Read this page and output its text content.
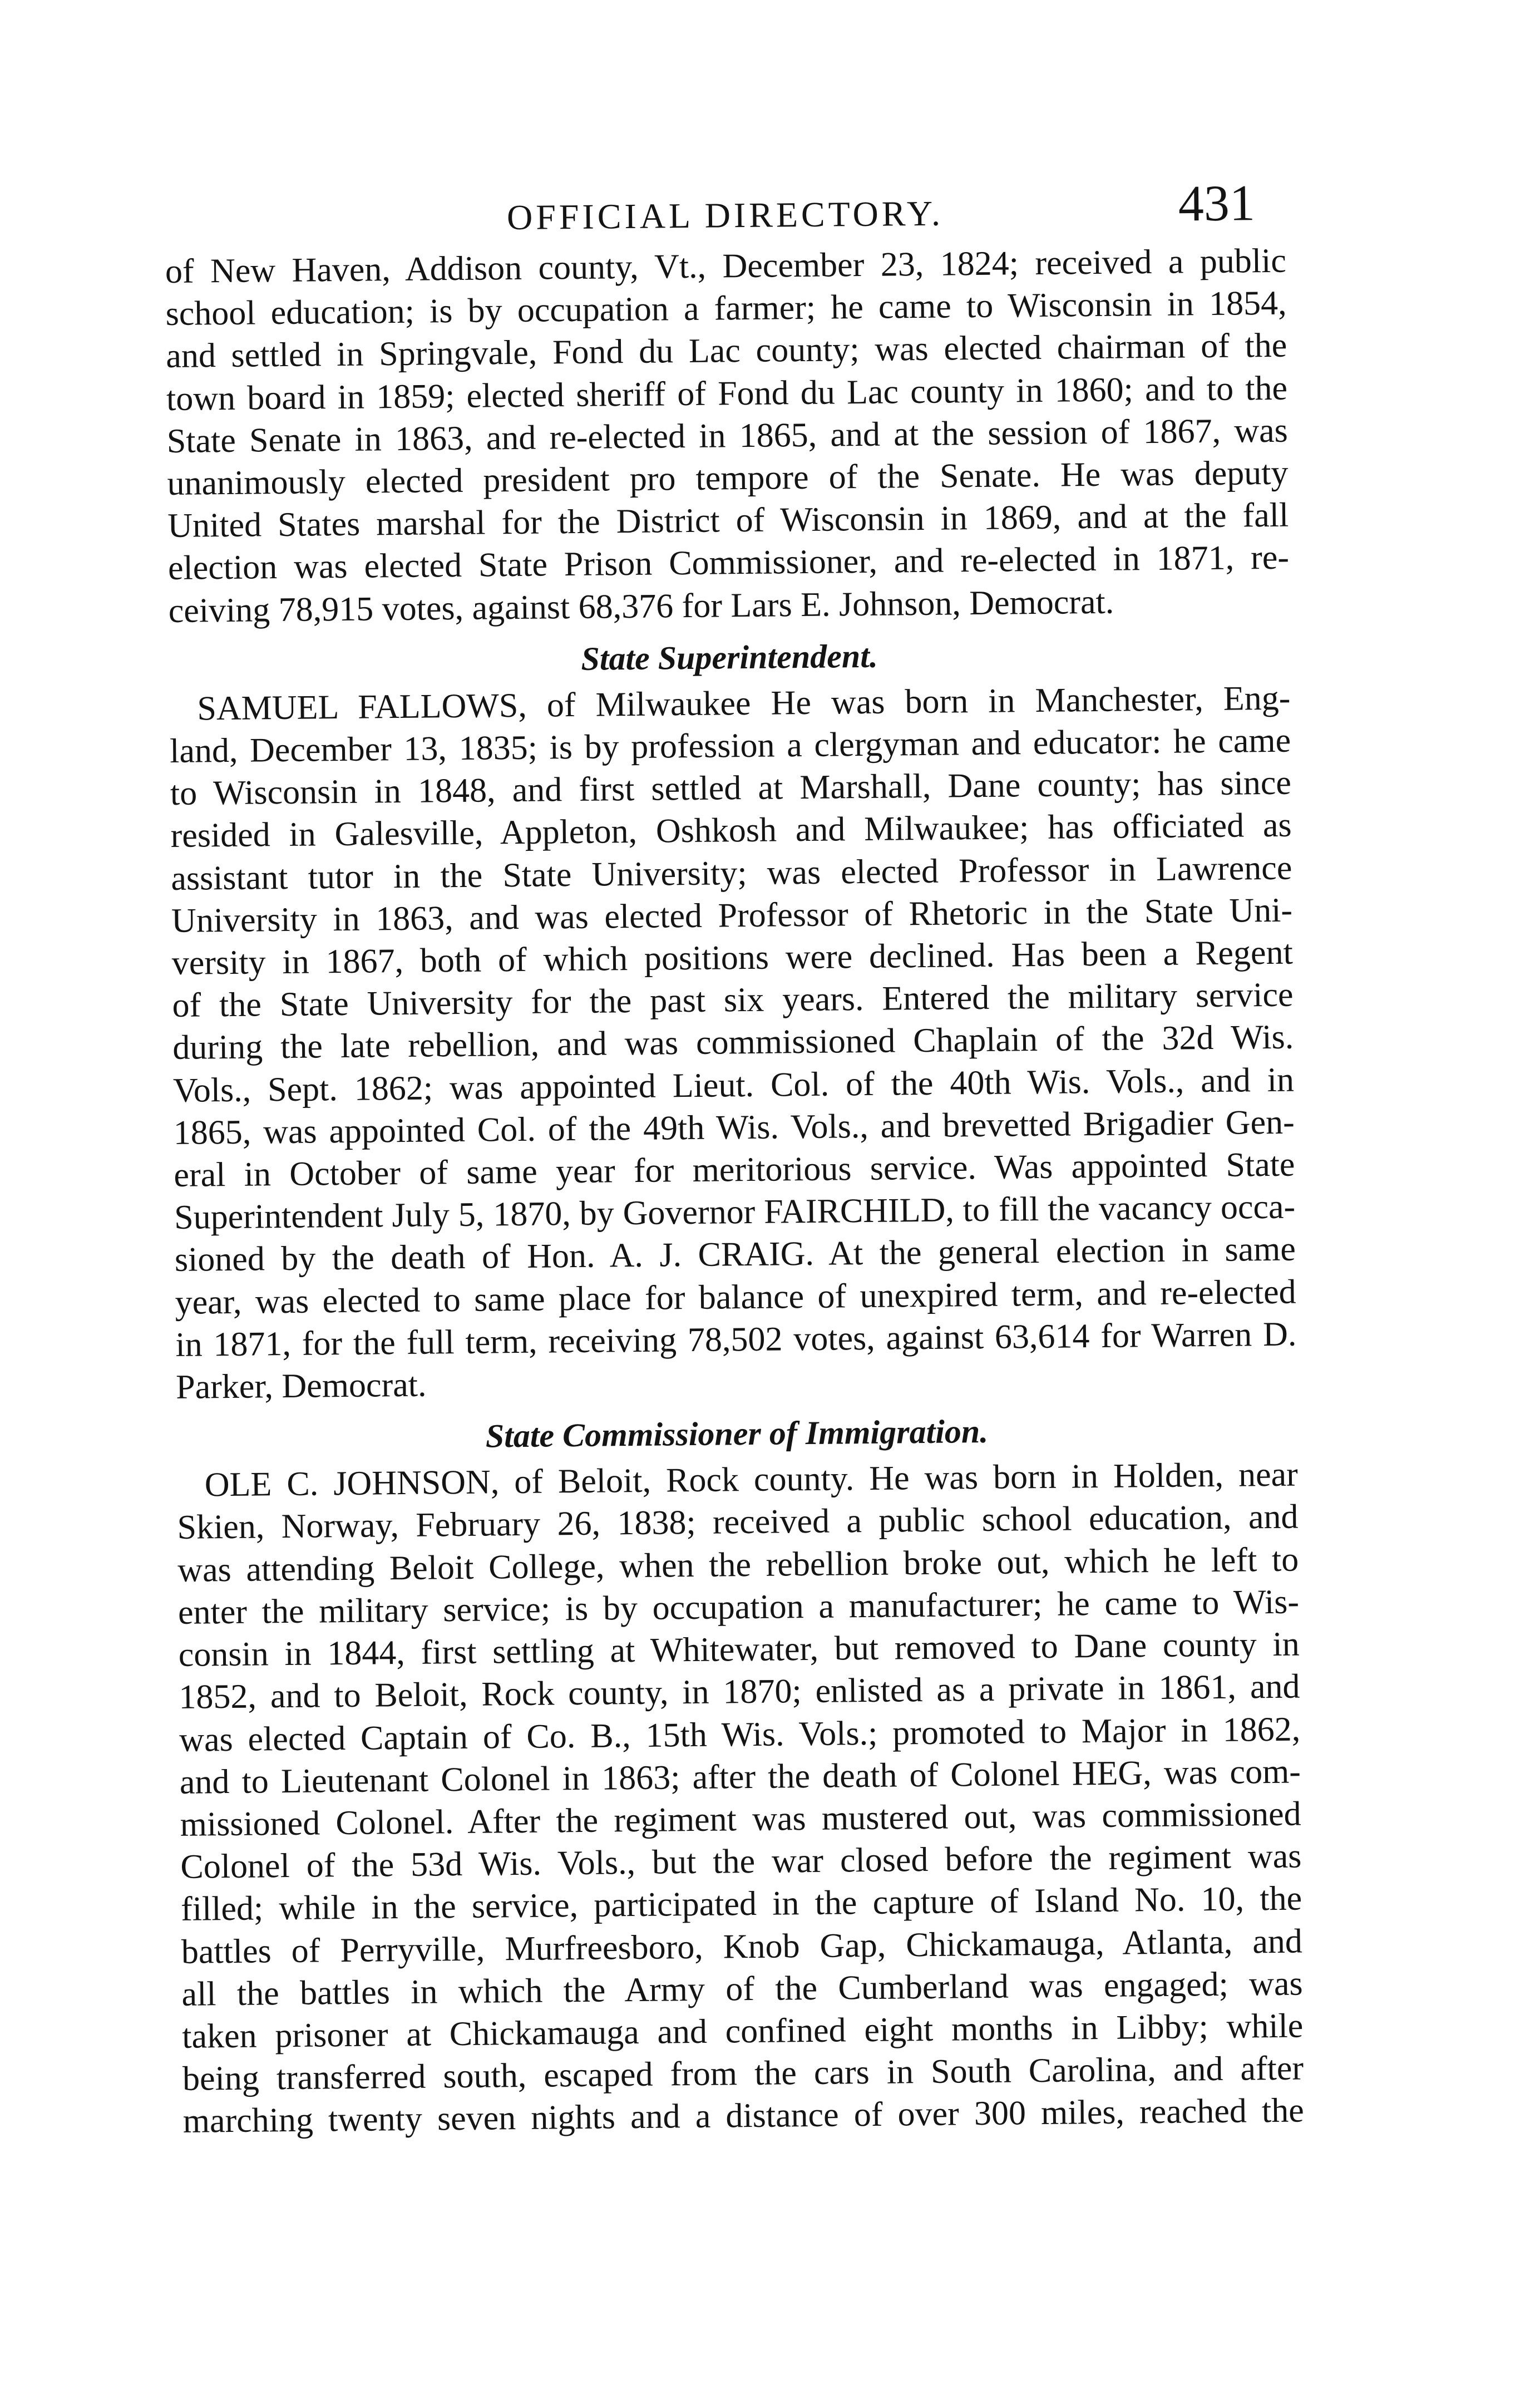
OFFICIAL DIRECTORY.	431

of New Haven, Addison county, Vt., December 23, 1824; received a public
school education; is by occupation a farmer; he came to Wisconsin in 1854,
and settled in Springvale, Fond du Lac county; was elected chairman of the
town board in 1859; elected sheriff of Fond du Lac county in 1860; and to the
State Senate in 1863, and re-elected in 1865, and at the session of 1867, was
unanimously elected president pro tempore of the Senate. He was deputy
United States marshal for the District of Wisconsin in 1869, and at the fall
election was elected State Prison Commissioner, and re-elected in 1871, re-
ceiving 78,915 votes, against 68,376 for Lars E. Johnson, Democrat.

State Superintendent.

SAMUEL FALLOWS, of Milwaukee He was born in Manchester, Eng-
land, December 13, 1835; is by profession a clergyman and educator: he came
to Wisconsin in 1848, and first settled at Marshall, Dane county; has since
resided in Galesville, Appleton, Oshkosh and Milwaukee; has officiated as
assistant tutor in the State University; was elected Professor in Lawrence
University in 1863, and was elected Professor of Rhetoric in the State Uni-
versity in 1867, both of which positions were declined. Has been a Regent
of the State University for the past six years. Entered the military service
during the late rebellion, and was commissioned Chaplain of the 32d Wis.
Vols., Sept. 1862; was appointed Lieut. Col. of the 40th Wis. Vols., and in
1865, was appointed Col. of the 49th Wis. Vols., and brevetted Brigadier Gen-
eral in October of same year for meritorious service. Was appointed State
Superintendent July 5, 1870, by Governor FAIRCHILD, to fill the vacancy occa-
sioned by the death of Hon. A. J. CRAIG. At the general election in same
year, was elected to same place for balance of unexpired term, and re-elected
in 1871, for the full term, receiving 78,502 votes, against 63,614 for Warren D.
Parker, Democrat.

State Commissioner of Immigration.

OLE C. JOHNSON, of Beloit, Rock county. He was born in Holden, near
Skien, Norway, February 26, 1838; received a public school education, and
was attending Beloit College, when the rebellion broke out, which he left to
enter the military service; is by occupation a manufacturer; he came to Wis-
consin in 1844, first settling at Whitewater, but removed to Dane county in
1852, and to Beloit, Rock county, in 1870; enlisted as a private in 1861, and
was elected Captain of Co. B., 15th Wis. Vols.; promoted to Major in 1862,
and to Lieutenant Colonel in 1863; after the death of Colonel HEG, was com-
missioned Colonel. After the regiment was mustered out, was commissioned
Colonel of the 53d Wis. Vols., but the war closed before the regiment was
filled; while in the service, participated in the capture of Island No. 10, the
battles of Perryville, Murfreesboro, Knob Gap, Chickamauga, Atlanta, and
all the battles in which the Army of the Cumberland was engaged; was
taken prisoner at Chickamauga and confined eight months in Libby; while
being transferred south, escaped from the cars in South Carolina, and after
marching twenty seven nights and a distance of over 300 miles, reached the
